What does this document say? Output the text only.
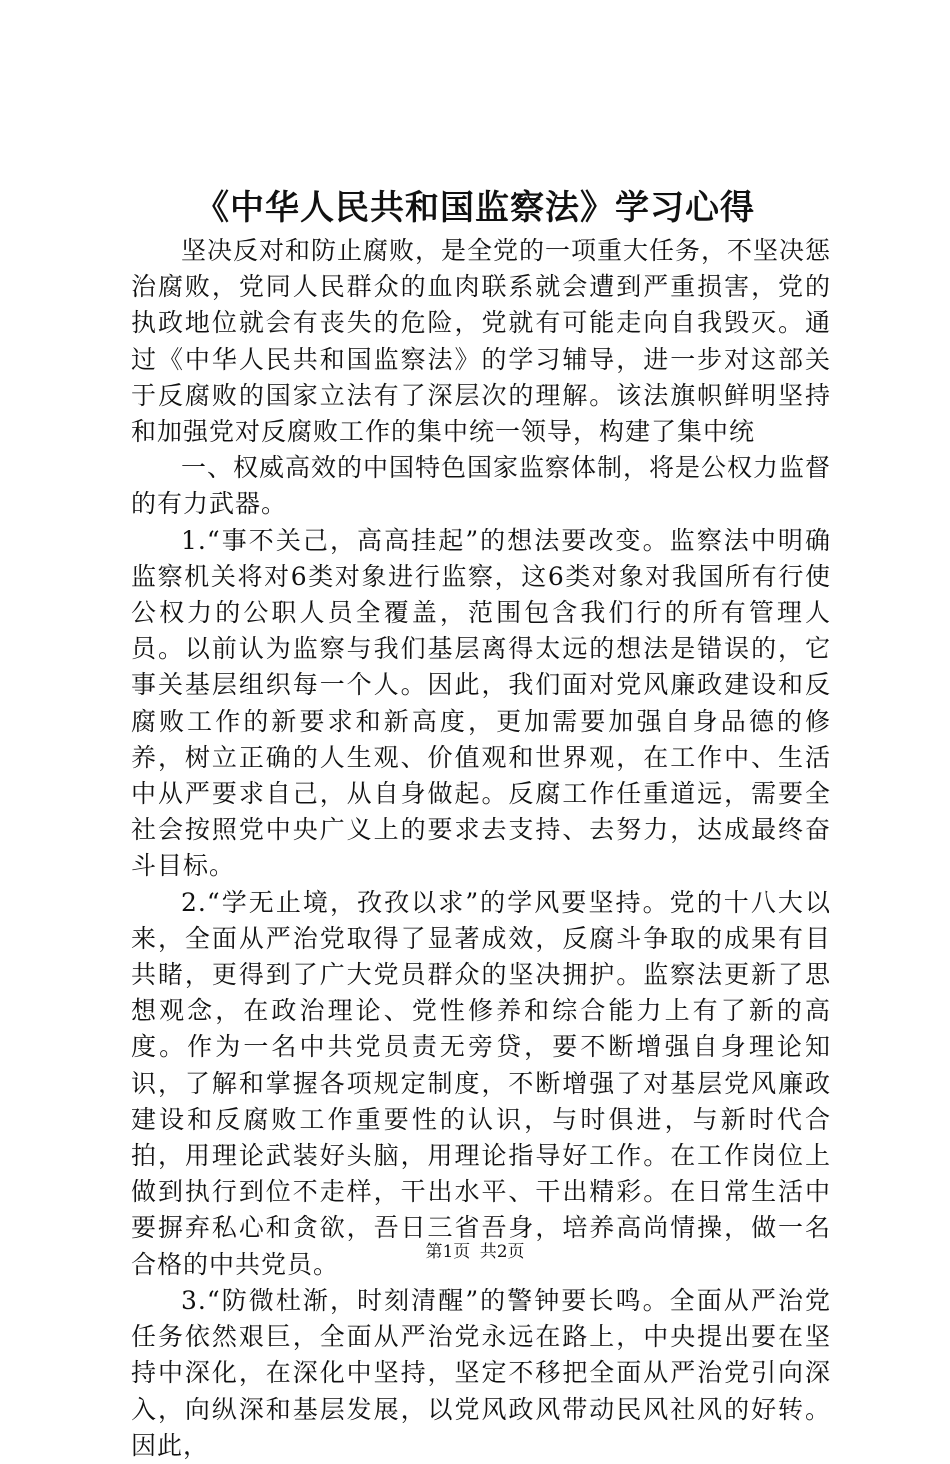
《中华人民共和国监察法》学习心得

坚决反对和防止腐败，是全党的一项重大任务，不坚决惩治腐败，党同人民群众的血肉联系就会遭到严重损害，党的执政地位就会有丧失的危险，党就有可能走向自我毁灭。通过《中华人民共和国监察法》的学习辅导，进一步对这部关于反腐败的国家立法有了深层次的理解。该法旗帜鲜明坚持和加强党对反腐败工作的集中统一领导，构建了集中统

一、权威高效的中国特色国家监察体制，将是公权力监督的有力武器。

1.“事不关己，高高挂起”的想法要改变。监察法中明确监察机关将对6类对象进行监察，这6类对象对我国所有行使公权力的公职人员全覆盖，范围包含我们行的所有管理人员。以前认为监察与我们基层离得太远的想法是错误的，它事关基层组织每一个人。因此，我们面对党风廉政建设和反腐败工作的新要求和新高度，更加需要加强自身品德的修养，树立正确的人生观、价值观和世界观，在工作中、生活中从严要求自己，从自身做起。反腐工作任重道远，需要全社会按照党中央广义上的要求去支持、去努力，达成最终奋斗目标。

2.“学无止境，孜孜以求”的学风要坚持。党的十八大以来，全面从严治党取得了显著成效，反腐斗争取的成果有目共睹，更得到了广大党员群众的坚决拥护。监察法更新了思想观念，在政治理论、党性修养和综合能力上有了新的高度。作为一名中共党员责无旁贷，要不断增强自身理论知识，了解和掌握各项规定制度，不断增强了对基层党风廉政建设和反腐败工作重要性的认识，与时俱进，与新时代合拍，用理论武装好头脑，用理论指导好工作。在工作岗位上做到执行到位不走样，干出水平、干出精彩。在日常生活中要摒弃私心和贪欲，吾日三省吾身，培养高尚情操，做一名合格的中共党员。

3.“防微杜渐，时刻清醒”的警钟要长鸣。全面从严治党任务依然艰巨，全面从严治党永远在路上，中央提出要在坚持中深化，在深化中坚持，坚定不移把全面从严治党引向深入，向纵深和基层发展，以党风政风带动民风社风的好转。因此，

第1页 共2页
